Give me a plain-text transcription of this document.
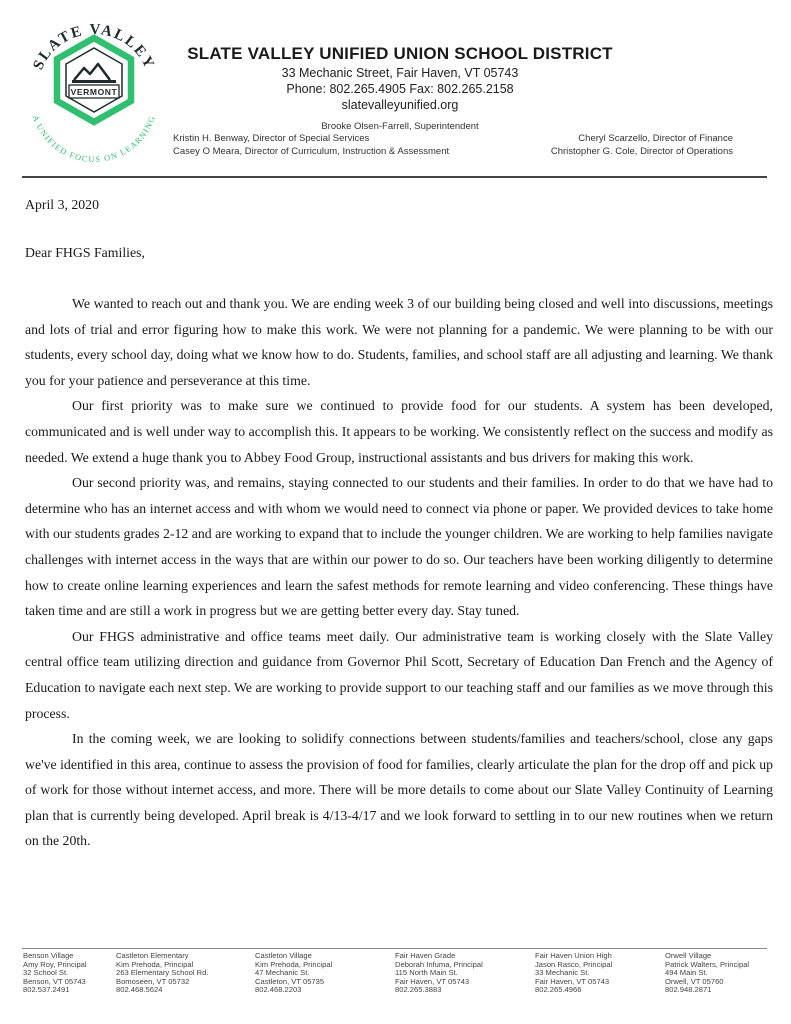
SLATE VALLEY
A UNIFIED FOCUS ON LEARNING
VERMONT
SLATE VALLEY UNIFIED UNION SCHOOL DISTRICT
33 Mechanic Street, Fair Haven, VT 05743
Phone: 802.265.4905 Fax: 802.265.2158
slatevalleyunified.org
Brooke Olsen-Farrell, Superintendent
Kristin H. Benway, Director of Special Services	Cheryl Scarzello, Director of Finance
Casey O Meara, Director of Curriculum, Instruction & Assessment	Christopher G. Cole, Director of Operations
April 3, 2020
Dear FHGS Families,

We wanted to reach out and thank you. We are ending week 3 of our building being closed and well into discussions, meetings and lots of trial and error figuring how to make this work. We were not planning for a pandemic. We were planning to be with our students, every school day, doing what we know how to do. Students, families, and school staff are all adjusting and learning. We thank you for your patience and perseverance at this time.

Our first priority was to make sure we continued to provide food for our students. A system has been developed, communicated and is well under way to accomplish this. It appears to be working. We consistently reflect on the success and modify as needed. We extend a huge thank you to Abbey Food Group, instructional assistants and bus drivers for making this work.

Our second priority was, and remains, staying connected to our students and their families. In order to do that we have had to determine who has an internet access and with whom we would need to connect via phone or paper. We provided devices to take home with our students grades 2-12 and are working to expand that to include the younger children. We are working to help families navigate challenges with internet access in the ways that are within our power to do so. Our teachers have been working diligently to determine how to create online learning experiences and learn the safest methods for remote learning and video conferencing. These things have taken time and are still a work in progress but we are getting better every day. Stay tuned.

Our FHGS administrative and office teams meet daily. Our administrative team is working closely with the Slate Valley central office team utilizing direction and guidance from Governor Phil Scott, Secretary of Education Dan French and the Agency of Education to navigate each next step. We are working to provide support to our teaching staff and our families as we move through this process.

In the coming week, we are looking to solidify connections between students/families and teachers/school, close any gaps we've identified in this area, continue to assess the provision of food for families, clearly articulate the plan for the drop off and pick up of work for those without internet access, and more. There will be more details to come about our Slate Valley Continuity of Learning plan that is currently being developed. April break is 4/13-4/17 and we look forward to settling in to our new routines when we return on the 20th.

Benson Village
Amy Roy, Principal
32 School St.
Benson, VT 05743
802.537.2491
Castleton Elementary
Kim Prehoda, Principal
263 Elementary School Rd.
Bomoseen, VT 05732
802.468.5624
Castleton Village
Kim Prehoda, Principal
47 Mechanic St.
Castleton, VT 05735
802.468.2203
Fair Haven Grade
Deborah Infuma, Principal
115 North Main St.
Fair Haven, VT 05743
802.265.3883
Fair Haven Union High
Jason Rasco, Principal
33 Mechanic St.
Fair Haven, VT 05743
802.265.4966
Orwell Village
Patrick Walters, Principal
494 Main St.
Orwell, VT 05760
802.948.2871
